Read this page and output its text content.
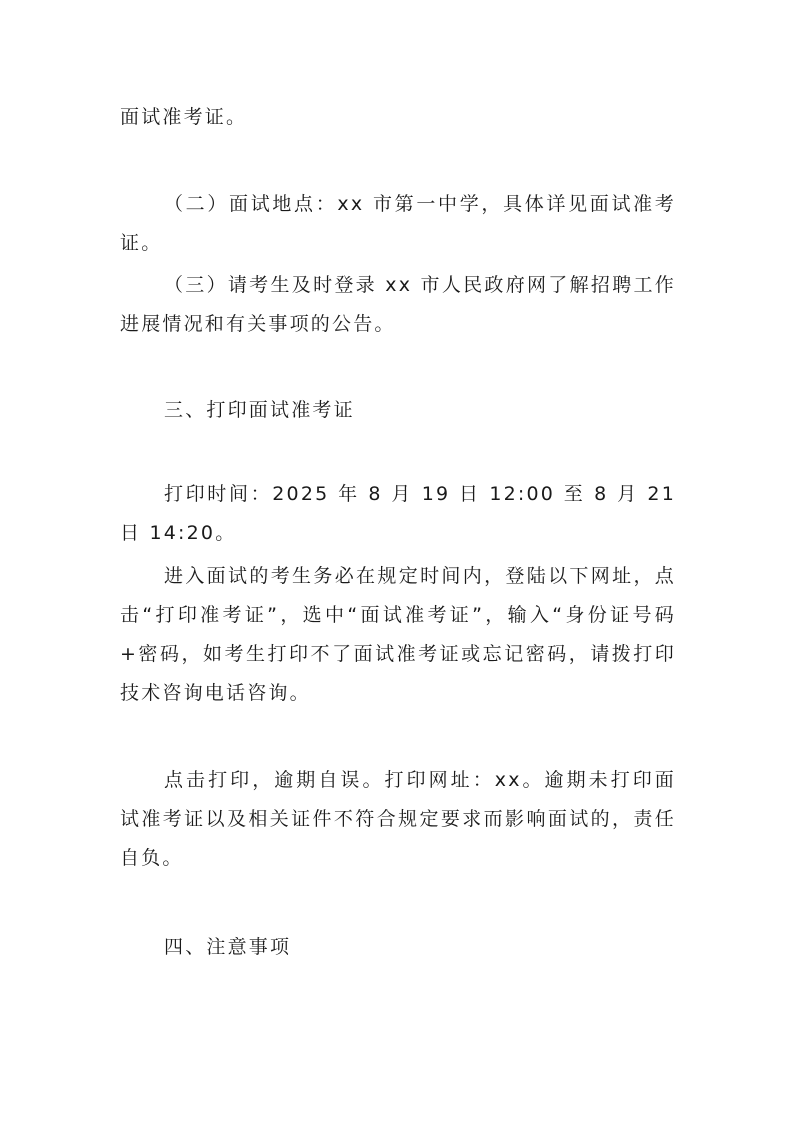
面试准考证。

（二）面试地点：xx 市第一中学，具体详见面试准考证。

（三）请考生及时登录 xx 市人民政府网了解招聘工作进展情况和有关事项的公告。

三、打印面试准考证

打印时间：2025 年 8 月 19 日 12:00 至 8 月 21 日 14:20。

进入面试的考生务必在规定时间内，登陆以下网址，点击“打印准考证”，选中“面试准考证”，输入“身份证号码+密码，如考生打印不了面试准考证或忘记密码，请拨打印技术咨询电话咨询。

点击打印，逾期自误。打印网址：xx。逾期未打印面试准考证以及相关证件不符合规定要求而影响面试的，责任自负。

四、注意事项
